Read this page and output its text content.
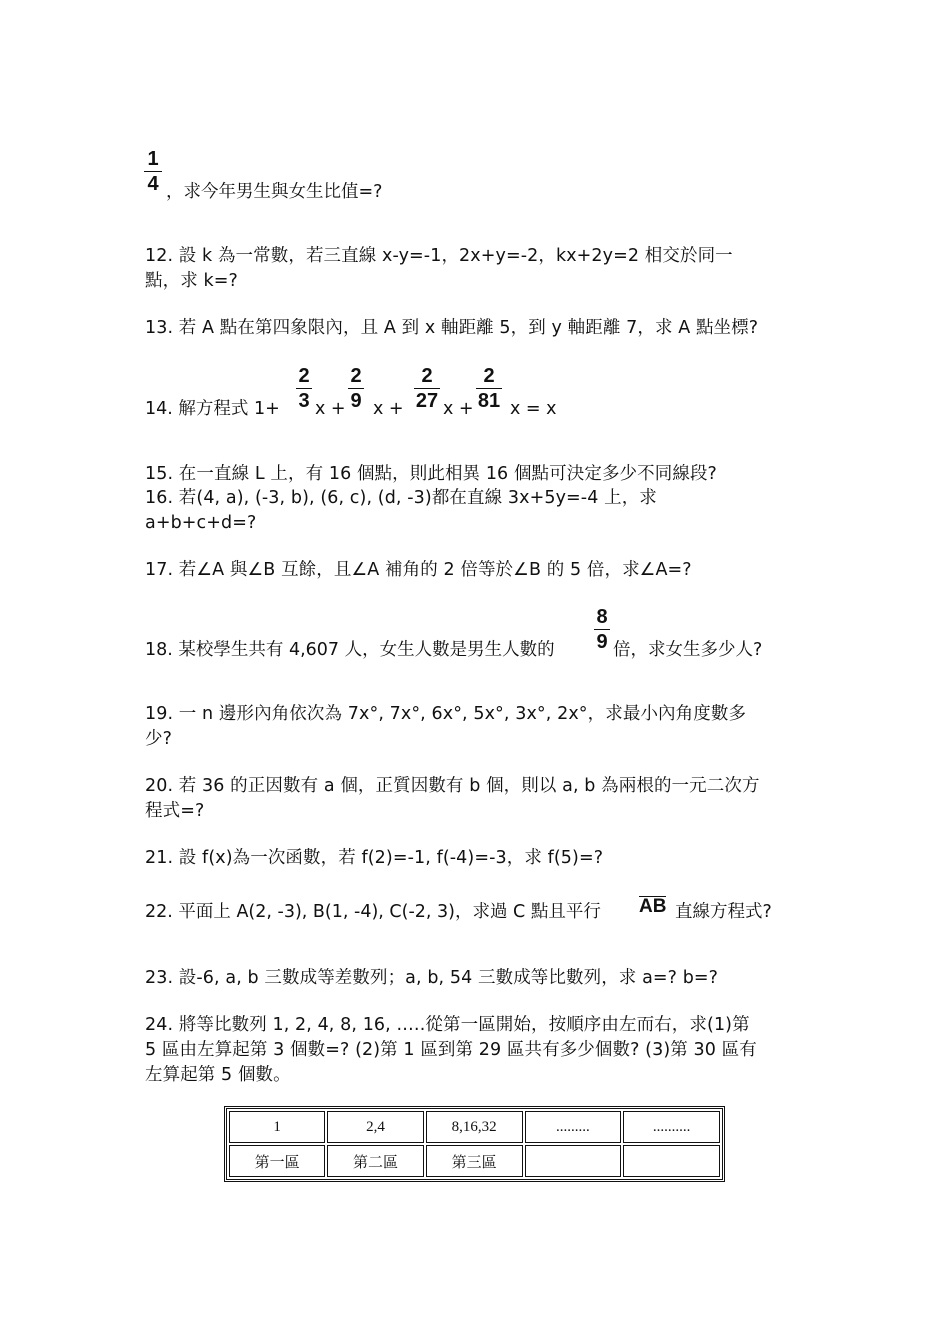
1
4 ，求今年男生與女生比值=?
12. 設 k 為一常數，若三直線 x-y=-1，2x+y=-2，kx+2y=2 相交於同一
點，求 k=?
13. 若 A 點在第四象限內，且 A 到 x 軸距離 5，到 y 軸距離 7，求 A 點坐標?
14. 解方程式 1+
2
3 x +
2
9 x +
2
27 x +
2
81 x = x
15. 在一直線 L 上，有 16 個點，則此相異 16 個點可決定多少不同線段?
16. 若(4, a), (-3, b), (6, c), (d, -3)都在直線 3x+5y=-4 上，求
a+b+c+d=?
17. 若∠A 與∠B 互餘，且∠A 補角的 2 倍等於∠B 的 5 倍，求∠A=?
18. 某校學生共有 4,607 人，女生人數是男生人數的
8
9 倍，求女生多少人?
19. 一 n 邊形內角依次為 7x°, 7x°, 6x°, 5x°, 3x°, 2x°，求最小內角度數多
少?
20. 若 36 的正因數有 a 個，正質因數有 b 個，則以 a, b 為兩根的一元二次方
程式=?
21. 設 f(x)為一次函數，若 f(2)=-1, f(-4)=-3，求 f(5)=?
22. 平面上 A(2, -3), B(1, -4), C(-2, 3)，求過 C 點且平行 AB 直線方程式?
23. 設-6, a, b 三數成等差數列；a, b, 54 三數成等比數列，求 a=? b=?
24. 將等比數列 1, 2, 4, 8, 16, .….從第一區開始，按順序由左而右，求(1)第
5 區由左算起第 3 個數=? (2)第 1 區到第 29 區共有多少個數? (3)第 30 區有
左算起第 5 個數。
1	2,4	8,16,32	.........	..........
第一區	第二區	第三區		
